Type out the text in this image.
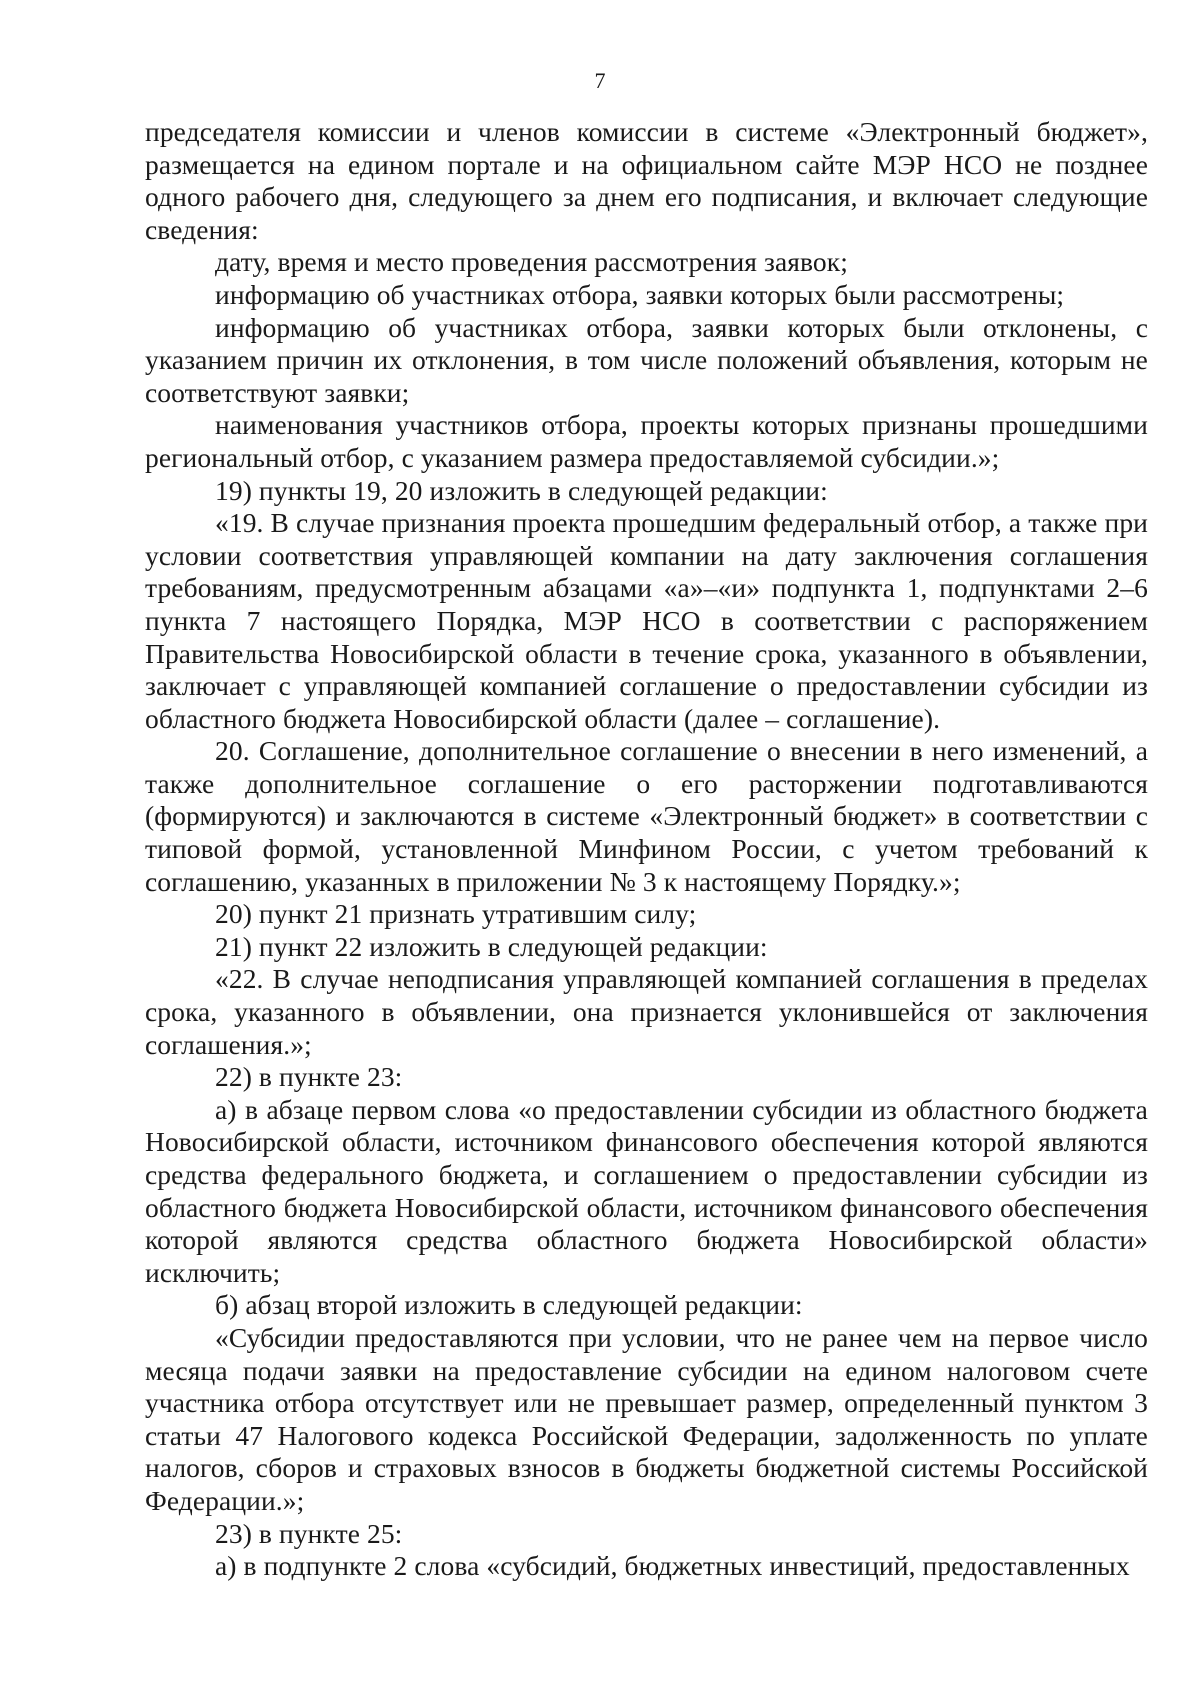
7

председателя комиссии и членов комиссии в системе «Электронный бюджет», размещается на едином портале и на официальном сайте МЭР НСО не позднее одного рабочего дня, следующего за днем его подписания, и включает следующие сведения:

дату, время и место проведения рассмотрения заявок;

информацию об участниках отбора, заявки которых были рассмотрены;

информацию об участниках отбора, заявки которых были отклонены, с указанием причин их отклонения, в том числе положений объявления, которым не соответствуют заявки;

наименования участников отбора, проекты которых признаны прошедшими региональный отбор, с указанием размера предоставляемой субсидии.»;

19) пункты 19, 20 изложить в следующей редакции:

«19. В случае признания проекта прошедшим федеральный отбор, а также при условии соответствия управляющей компании на дату заключения соглашения требованиям, предусмотренным абзацами «а»–«и» подпункта 1, подпунктами 2–6 пункта 7 настоящего Порядка, МЭР НСО в соответствии с распоряжением Правительства Новосибирской области в течение срока, указанного в объявлении, заключает с управляющей компанией соглашение о предоставлении субсидии из областного бюджета Новосибирской области (далее – соглашение).

20. Соглашение, дополнительное соглашение о внесении в него изменений, а также дополнительное соглашение о его расторжении подготавливаются (формируются) и заключаются в системе «Электронный бюджет» в соответствии с типовой формой, установленной Минфином России, с учетом требований к соглашению, указанных в приложении № 3 к настоящему Порядку.»;

20) пункт 21 признать утратившим силу;

21) пункт 22 изложить в следующей редакции:

«22. В случае неподписания управляющей компанией соглашения в пределах срока, указанного в объявлении, она признается уклонившейся от заключения соглашения.»;

22) в пункте 23:

а) в абзаце первом слова «о предоставлении субсидии из областного бюджета Новосибирской области, источником финансового обеспечения которой являются средства федерального бюджета, и соглашением о предоставлении субсидии из областного бюджета Новосибирской области, источником финансового обеспечения которой являются средства областного бюджета Новосибирской области» исключить;

б) абзац второй изложить в следующей редакции:

«Субсидии предоставляются при условии, что не ранее чем на первое число месяца подачи заявки на предоставление субсидии на едином налоговом счете участника отбора отсутствует или не превышает размер, определенный пунктом 3 статьи 47 Налогового кодекса Российской Федерации, задолженность по уплате налогов, сборов и страховых взносов в бюджеты бюджетной системы Российской Федерации.»;

23) в пункте 25:

а) в подпункте 2 слова «субсидий, бюджетных инвестиций, предоставленных
